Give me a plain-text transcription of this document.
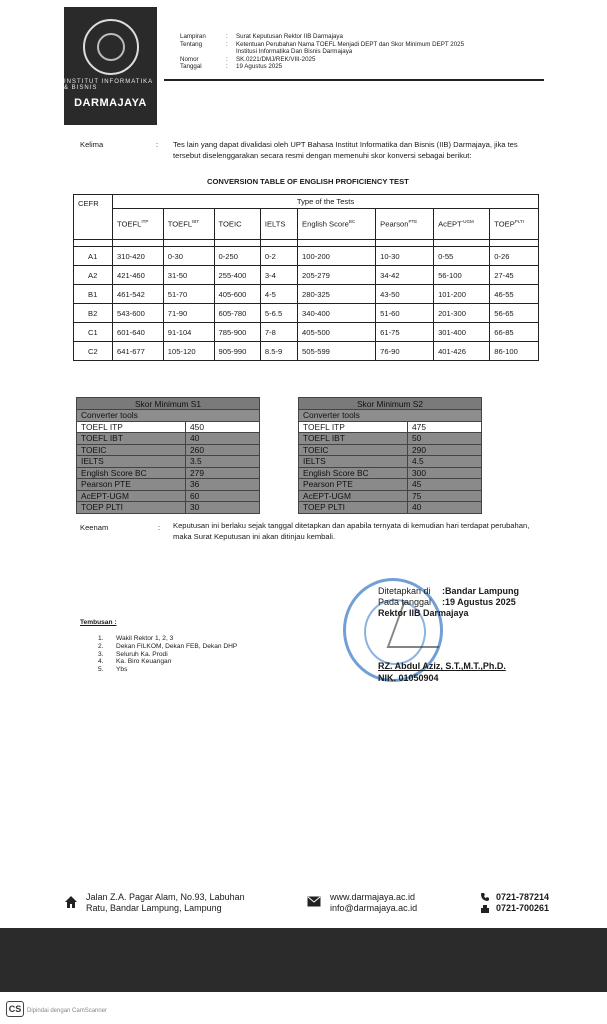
INSTITUT INFORMATIKA & BISNIS
DARMAJAYA
Lampiran	:	Surat Keputusan Rektor IIB Darmajaya
Tentang	:	Ketentuan Perubahan Nama TOEFL Menjadi DEPT dan Skor Minimum DEPT 2025
Institusi Informatika Dan Bisnis Darmajaya
Nomor	:	SK.0221/DMJ/REK/VIII-2025
Tanggal	:	19 Agustus 2025
Kelima	: Tes lain yang dapat divalidasi oleh UPT Bahasa Institut Informatika dan Bisnis (IIB) Darmajaya, jika tes tersebut diselenggarakan secara resmi dengan memenuhi skor konversi sebagai berikut:
CONVERSION TABLE OF ENGLISH PROFICIENCY TEST
CEFR	Type of the Tests							
	$TOEFL^{ITP}$	$TOEFL^{IBT}$	TOEIC	IELTS	English Score$^{BC}$	Pearson$^{PTE}$	AcEPT$^{-UGM}$	$TOEP^{PLTI}$

A1	310-420	0-30	0-250	0-2	100-200	10-30	0-55	0-26
A2	421-460	31-50	255-400	3-4	205-279	34-42	56-100	27-45
B1	461-542	51-70	405-600	4-5	280-325	43-50	101-200	46-55
B2	543-600	71-90	605-780	5-6.5	340-400	51-60	201-300	56-65
C1	601-640	91-104	785-900	7-8	405-500	61-75	301-400	66-85
C2	641-677	105-120	905-990	8.5-9	505-599	76-90	401-426	86-100
Skor Minimum S1	
Converter tools	
TOEFL ITP	450
TOEFL IBT	40
TOEIC	260
IELTS	3.5
English Score BC	279
Pearson PTE	36
AcEPT-UGM	60
TOEP PLTI	30
Skor Minimum S2	
Converter tools	
TOEFL ITP	475
TOEFL IBT	50
TOEIC	290
IELTS	4.5
English Score BC	300
Pearson PTE	45
AcEPT-UGM	75
TOEP PLTI	40
Keenam	: Keputusan ini berlaku sejak tanggal ditetapkan dan apabila ternyata di kemudian hari terdapat perubahan, maka Surat Keputusan ini akan ditinjau kembali.
Ditetapkan di	: Bandar Lampung
Pada tanggal	: 19 Agustus 2025
Rektor IIB Darmajaya
RZ. Abdul Aziz, S.T.,M.T.,Ph.D.
NIK. 01050904
Tembusan :
1.	Wakil Rektor 1, 2, 3
2.	Dekan FILKOM, Dekan FEB, Dekan DHP
3.	Seluruh Ka. Prodi
4.	Ka. Biro Keuangan
5.	Ybs
Jalan Z.A. Pagar Alam, No.93, Labuhan
Ratu, Bandar Lampung, Lampung
www.darmajaya.ac.id
info@darmajaya.ac.id
0721-787214
0721-700261
CS Dipindai dengan CamScanner
